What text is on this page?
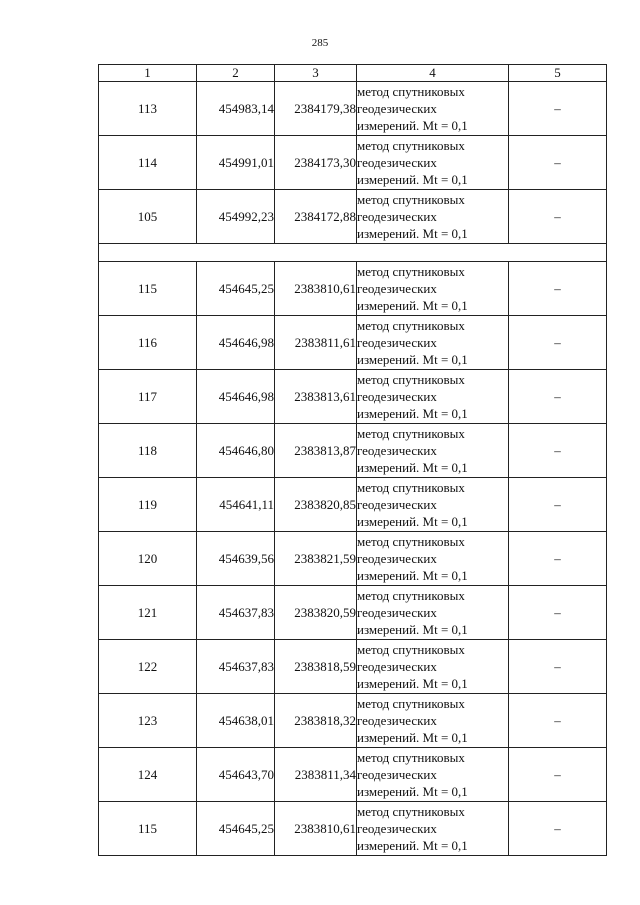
285
1	2	3	4	5
113	454983,14	2384179,38	метод спутниковых
геодезических
измерений. Mt = 0,1	–
114	454991,01	2384173,30	метод спутниковых
геодезических
измерений. Mt = 0,1	–
105	454992,23	2384172,88	метод спутниковых
геодезических
измерений. Mt = 0,1	–

115	454645,25	2383810,61	метод спутниковых
геодезических
измерений. Mt = 0,1	–
116	454646,98	2383811,61	метод спутниковых
геодезических
измерений. Mt = 0,1	–
117	454646,98	2383813,61	метод спутниковых
геодезических
измерений. Mt = 0,1	–
118	454646,80	2383813,87	метод спутниковых
геодезических
измерений. Mt = 0,1	–
119	454641,11	2383820,85	метод спутниковых
геодезических
измерений. Mt = 0,1	–
120	454639,56	2383821,59	метод спутниковых
геодезических
измерений. Mt = 0,1	–
121	454637,83	2383820,59	метод спутниковых
геодезических
измерений. Mt = 0,1	–
122	454637,83	2383818,59	метод спутниковых
геодезических
измерений. Mt = 0,1	–
123	454638,01	2383818,32	метод спутниковых
геодезических
измерений. Mt = 0,1	–
124	454643,70	2383811,34	метод спутниковых
геодезических
измерений. Mt = 0,1	–
115	454645,25	2383810,61	метод спутниковых
геодезических
измерений. Mt = 0,1	–
